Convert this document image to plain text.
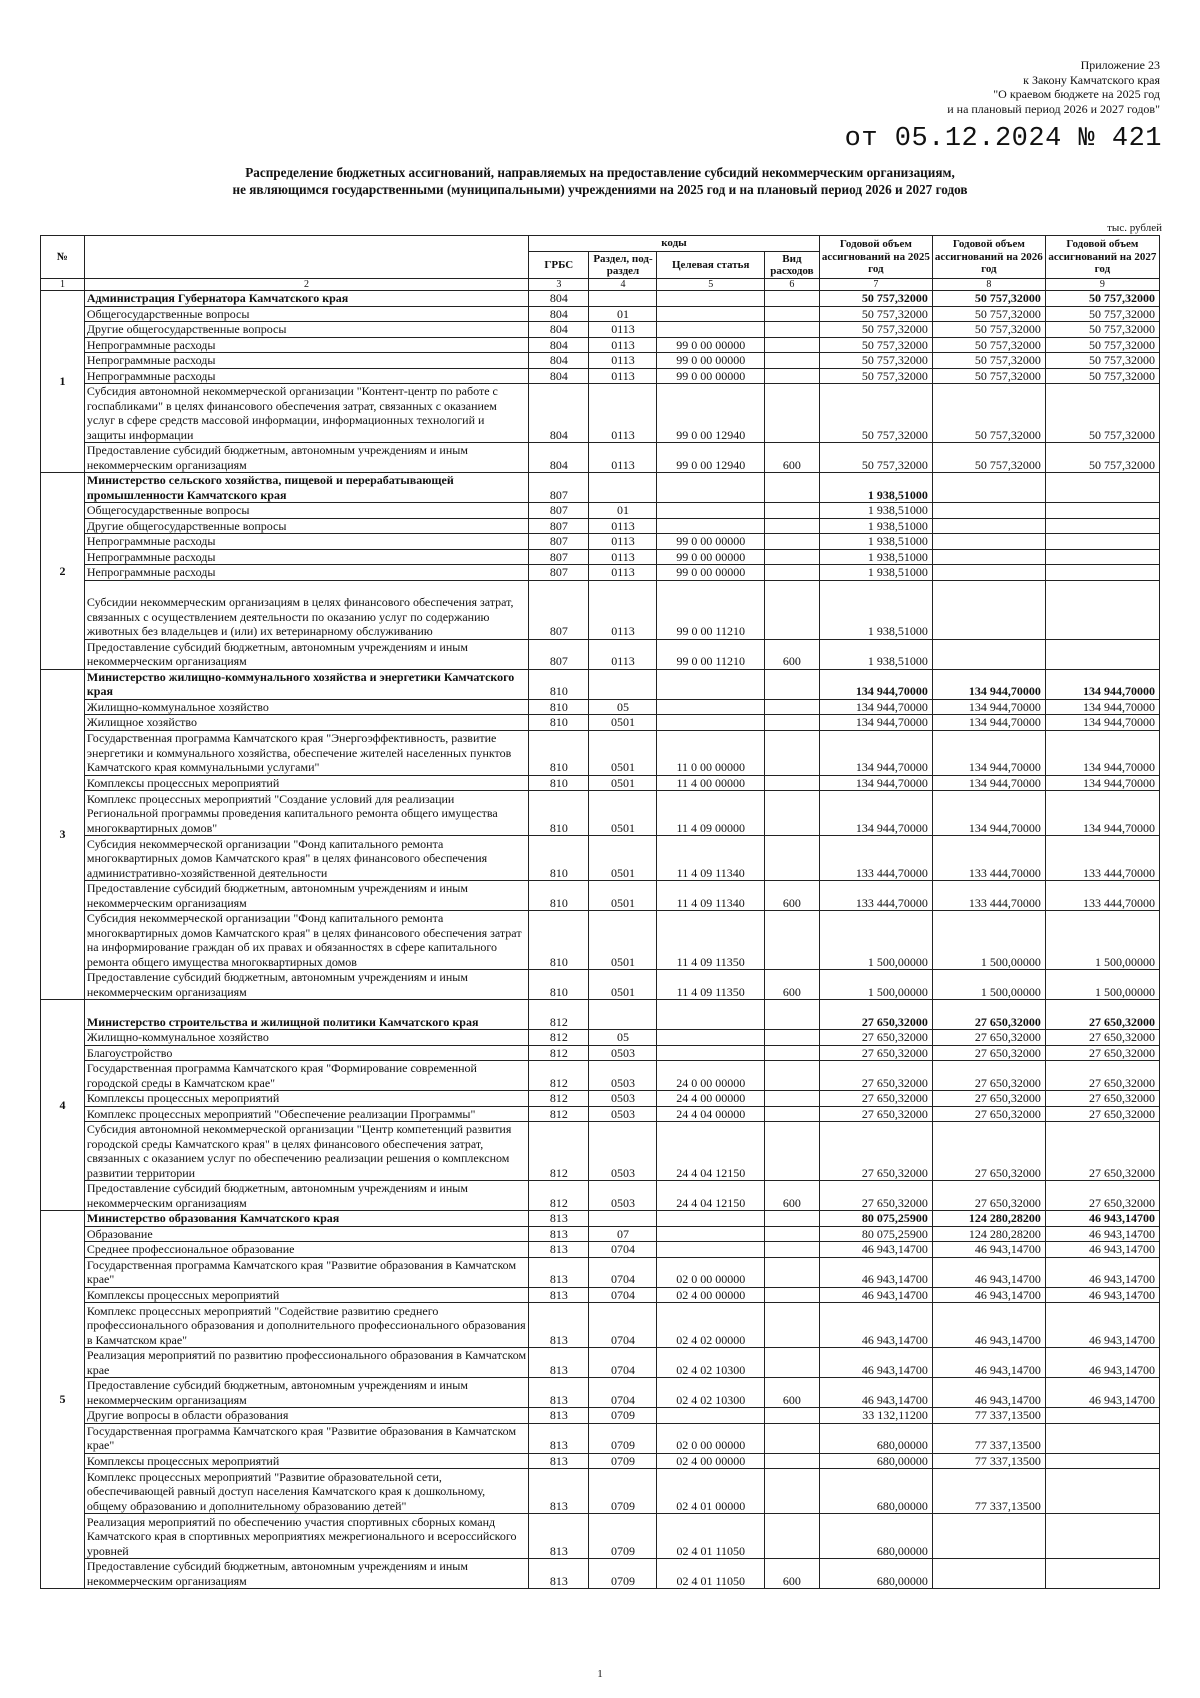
Приложение 23
к Закону Камчатского края
"О краевом бюджете на 2025 год
и на плановый период 2026 и 2027 годов"
от 05.12.2024 № 421
Распределение бюджетных ассигнований, направляемых на предоставление субсидий некоммерческим организациям,
не являющимся государственными (муниципальными) учреждениями на 2025 год и на плановый период 2026 и 2027 годов
тыс. рублей
№		коды				Годовой объем ассигнований на 2025 год	Годовой объем ассигнований на 2026 год	Годовой объем ассигнований на 2027 год
		ГРБС	Раздел, под-раздел	Целевая статья	Вид расходов			
1	2	3	4	5	6	7	8	9
1	Администрация Губернатора Камчатского края	804				50 757,32000	50 757,32000	50 757,32000
	Общегосударственные вопросы	804	01			50 757,32000	50 757,32000	50 757,32000
	Другие общегосударственные вопросы	804	0113			50 757,32000	50 757,32000	50 757,32000
	Непрограммные расходы	804	0113	99 0 00 00000		50 757,32000	50 757,32000	50 757,32000
	Непрограммные расходы	804	0113	99 0 00 00000		50 757,32000	50 757,32000	50 757,32000
	Непрограммные расходы	804	0113	99 0 00 00000		50 757,32000	50 757,32000	50 757,32000
	Субсидия автономной некоммерческой организации "Контент-центр по работе с госпабликами" в целях финансового обеспечения затрат, связанных с оказанием услуг в сфере средств массовой информации, информационных технологий и защиты информации	804	0113	99 0 00 12940		50 757,32000	50 757,32000	50 757,32000
	Предоставление субсидий бюджетным, автономным учреждениям и иным некоммерческим организациям	804	0113	99 0 00 12940	600	50 757,32000	50 757,32000	50 757,32000
2	Министерство сельского хозяйства, пищевой и перерабатывающей промышленности Камчатского края	807				1 938,51000		
	Общегосударственные вопросы	807	01			1 938,51000		
	Другие общегосударственные вопросы	807	0113			1 938,51000		
	Непрограммные расходы	807	0113	99 0 00 00000		1 938,51000		
	Непрограммные расходы	807	0113	99 0 00 00000		1 938,51000		
	Непрограммные расходы	807	0113	99 0 00 00000		1 938,51000		
	Субсидии некоммерческим организациям в целях финансового обеспечения затрат, связанных с осуществлением деятельности по оказанию услуг по содержанию животных без владельцев и (или) их ветеринарному обслуживанию	807	0113	99 0 00 11210		1 938,51000		
	Предоставление субсидий бюджетным, автономным учреждениям и иным некоммерческим организациям	807	0113	99 0 00 11210	600	1 938,51000		
3	Министерство жилищно-коммунального хозяйства и энергетики Камчатского края	810				134 944,70000	134 944,70000	134 944,70000
	Жилищно-коммунальное хозяйство	810	05			134 944,70000	134 944,70000	134 944,70000
	Жилищное хозяйство	810	0501			134 944,70000	134 944,70000	134 944,70000
	Государственная программа Камчатского края "Энергоэффективность, развитие энергетики и коммунального хозяйства, обеспечение жителей населенных пунктов Камчатского края коммунальными услугами"	810	0501	11 0 00 00000		134 944,70000	134 944,70000	134 944,70000
	Комплексы процессных мероприятий	810	0501	11 4 00 00000		134 944,70000	134 944,70000	134 944,70000
	Комплекс процессных мероприятий "Создание условий для реализации Региональной программы проведения капитального ремонта общего имущества многоквартирных домов"	810	0501	11 4 09 00000		134 944,70000	134 944,70000	134 944,70000
	Субсидия некоммерческой организации "Фонд капитального ремонта многоквартирных домов Камчатского края" в целях финансового обеспечения административно-хозяйственной деятельности	810	0501	11 4 09 11340		133 444,70000	133 444,70000	133 444,70000
	Предоставление субсидий бюджетным, автономным учреждениям и иным некоммерческим организациям	810	0501	11 4 09 11340	600	133 444,70000	133 444,70000	133 444,70000
	Субсидия некоммерческой организации "Фонд капитального ремонта многоквартирных домов Камчатского края" в целях финансового обеспечения затрат на информирование граждан об их правах и обязанностях в сфере капитального ремонта общего имущества многоквартирных домов	810	0501	11 4 09 11350		1 500,00000	1 500,00000	1 500,00000
	Предоставление субсидий бюджетным, автономным учреждениям и иным некоммерческим организациям	810	0501	11 4 09 11350	600	1 500,00000	1 500,00000	1 500,00000
4	Министерство строительства и жилищной политики Камчатского края	812				27 650,32000	27 650,32000	27 650,32000
	Жилищно-коммунальное хозяйство	812	05			27 650,32000	27 650,32000	27 650,32000
	Благоустройство	812	0503			27 650,32000	27 650,32000	27 650,32000
	Государственная программа Камчатского края "Формирование современной городской среды в Камчатском крае"	812	0503	24 0 00 00000		27 650,32000	27 650,32000	27 650,32000
	Комплексы процессных мероприятий	812	0503	24 4 00 00000		27 650,32000	27 650,32000	27 650,32000
	Комплекс процессных мероприятий "Обеспечение реализации Программы"	812	0503	24 4 04 00000		27 650,32000	27 650,32000	27 650,32000
	Субсидия автономной некоммерческой организации "Центр компетенций развития городской среды Камчатского края" в целях финансового обеспечения затрат, связанных с оказанием услуг по обеспечению реализации решения о комплексном развитии территории	812	0503	24 4 04 12150		27 650,32000	27 650,32000	27 650,32000
	Предоставление субсидий бюджетным, автономным учреждениям и иным некоммерческим организациям	812	0503	24 4 04 12150	600	27 650,32000	27 650,32000	27 650,32000
5	Министерство образования Камчатского края	813				80 075,25900	124 280,28200	46 943,14700
	Образование	813	07			80 075,25900	124 280,28200	46 943,14700
	Среднее профессиональное образование	813	0704			46 943,14700	46 943,14700	46 943,14700
	Государственная программа Камчатского края "Развитие образования в Камчатском крае"	813	0704	02 0 00 00000		46 943,14700	46 943,14700	46 943,14700
	Комплексы процессных мероприятий	813	0704	02 4 00 00000		46 943,14700	46 943,14700	46 943,14700
	Комплекс процессных мероприятий "Содействие развитию среднего профессионального образования и дополнительного профессионального образования в Камчатском крае"	813	0704	02 4 02 00000		46 943,14700	46 943,14700	46 943,14700
	Реализация мероприятий по развитию профессионального образования в Камчатском крае	813	0704	02 4 02 10300		46 943,14700	46 943,14700	46 943,14700
	Предоставление субсидий бюджетным, автономным учреждениям и иным некоммерческим организациям	813	0704	02 4 02 10300	600	46 943,14700	46 943,14700	46 943,14700
	Другие вопросы в области образования	813	0709			33 132,11200	77 337,13500	
	Государственная программа Камчатского края "Развитие образования в Камчатском крае"	813	0709	02 0 00 00000		680,00000	77 337,13500	
	Комплексы процессных мероприятий	813	0709	02 4 00 00000		680,00000	77 337,13500	
	Комплекс процессных мероприятий "Развитие образовательной сети, обеспечивающей равный доступ населения Камчатского края к дошкольному, общему образованию и дополнительному образованию детей"	813	0709	02 4 01 00000		680,00000	77 337,13500	
	Реализация мероприятий по обеспечению участия спортивных сборных команд Камчатского края в спортивных мероприятиях межрегионального и всероссийского уровней	813	0709	02 4 01 11050		680,00000		
	Предоставление субсидий бюджетным, автономным учреждениям и иным некоммерческим организациям	813	0709	02 4 01 11050	600	680,00000		
1
